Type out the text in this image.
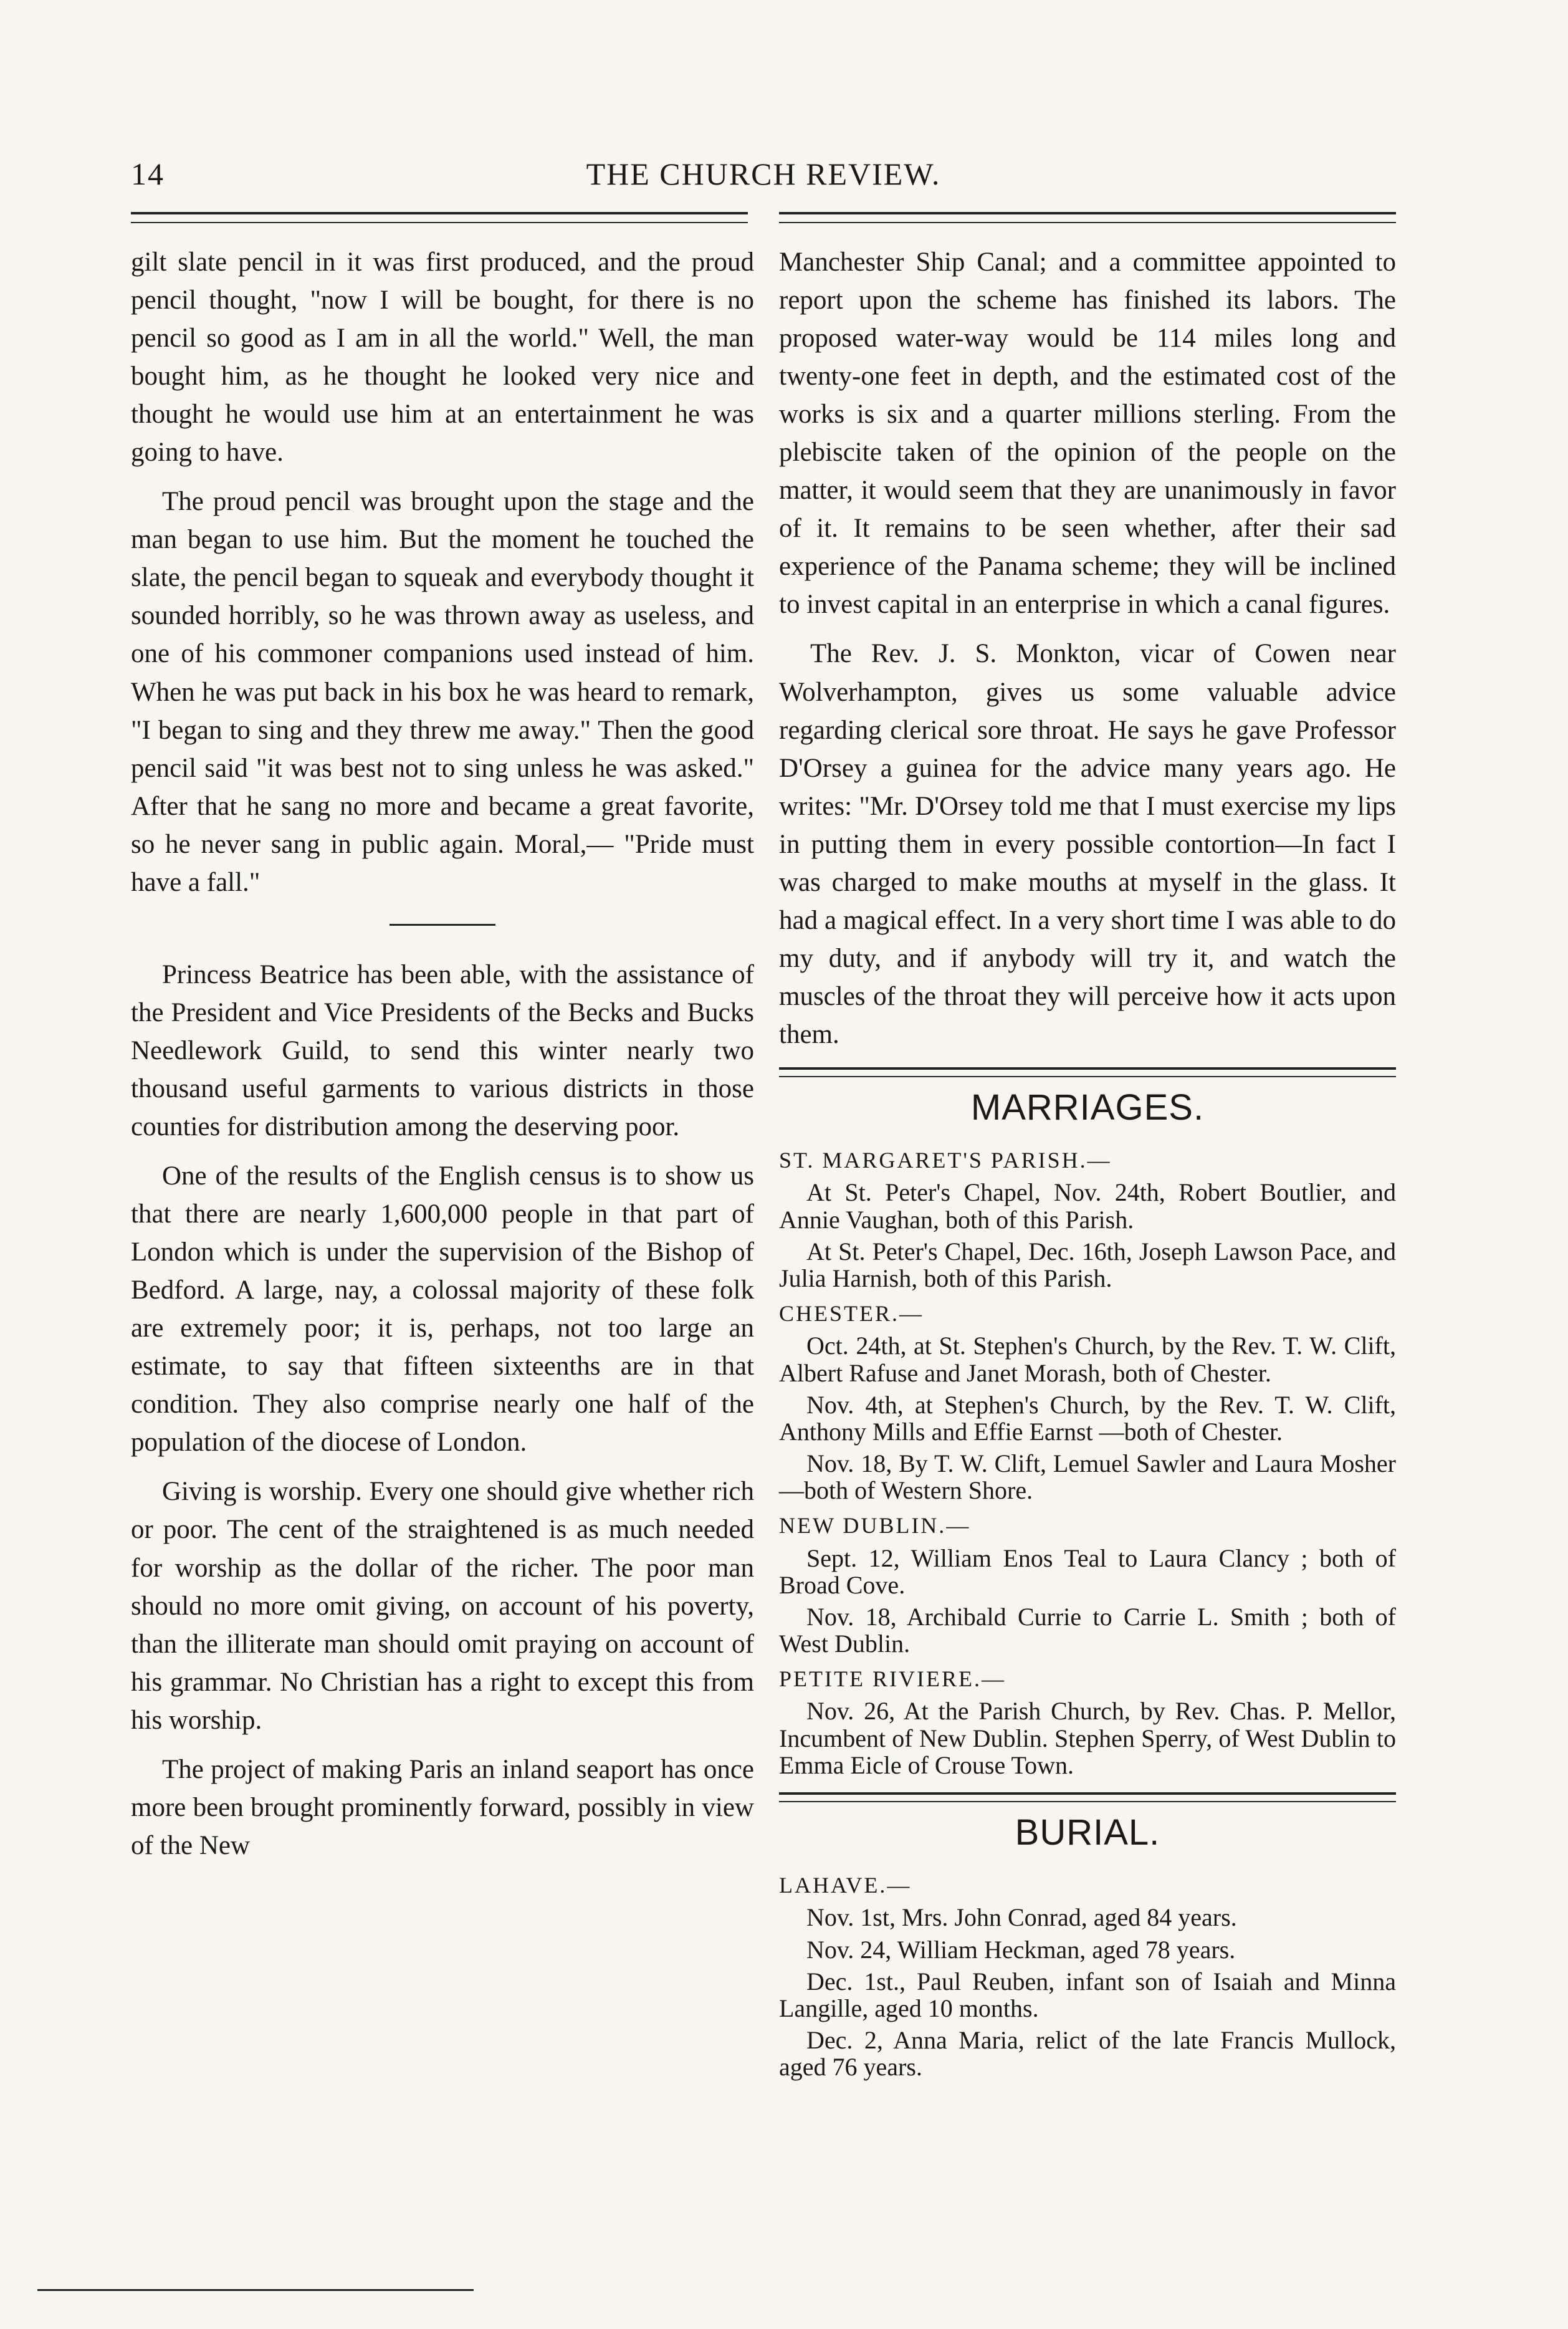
14	THE CHURCH REVIEW.

gilt slate pencil in it was first produced, and the proud pencil thought, "now I will be bought, for there is no pencil so good as I am in all the world." Well, the man bought him, as he thought he looked very nice and thought he would use him at an entertainment he was going to have.

The proud pencil was brought upon the stage and the man began to use him. But the moment he touched the slate, the pencil began to squeak and everybody thought it sounded horribly, so he was thrown away as useless, and one of his commoner companions used instead of him. When he was put back in his box he was heard to remark, "I began to sing and they threw me away." Then the good pencil said "it was best not to sing unless he was asked." After that he sang no more and became a great favorite, so he never sang in public again. Moral,— "Pride must have a fall."

Princess Beatrice has been able, with the assistance of the President and Vice Presidents of the Becks and Bucks Needlework Guild, to send this winter nearly two thousand useful garments to various districts in those counties for distribution among the deserving poor.

One of the results of the English census is to show us that there are nearly 1,600,000 people in that part of London which is under the supervision of the Bishop of Bedford. A large, nay, a colossal majority of these folk are extremely poor; it is, perhaps, not too large an estimate, to say that fifteen sixteenths are in that condition. They also comprise nearly one half of the population of the diocese of London.

Giving is worship. Every one should give whether rich or poor. The cent of the straightened is as much needed for worship as the dollar of the richer. The poor man should no more omit giving, on account of his poverty, than the illiterate man should omit praying on account of his grammar. No Christian has a right to except this from his worship.

The project of making Paris an inland seaport has once more been brought prominently forward, possibly in view of the New

Manchester Ship Canal; and a committee appointed to report upon the scheme has finished its labors. The proposed water-way would be 114 miles long and twenty-one feet in depth, and the estimated cost of the works is six and a quarter millions sterling. From the plebiscite taken of the opinion of the people on the matter, it would seem that they are unanimously in favor of it. It remains to be seen whether, after their sad experience of the Panama scheme; they will be inclined to invest capital in an enterprise in which a canal figures.

The Rev. J. S. Monkton, vicar of Cowen near Wolverhampton, gives us some valuable advice regarding clerical sore throat. He says he gave Professor D'Orsey a guinea for the advice many years ago. He writes: "Mr. D'Orsey told me that I must exercise my lips in putting them in every possible contortion—In fact I was charged to make mouths at myself in the glass. It had a magical effect. In a very short time I was able to do my duty, and if anybody will try it, and watch the muscles of the throat they will perceive how it acts upon them.

MARRIAGES.
ST. MARGARET'S PARISH.—

At St. Peter's Chapel, Nov. 24th, Robert Boutlier, and Annie Vaughan, both of this Parish.

At St. Peter's Chapel, Dec. 16th, Joseph Lawson Pace, and Julia Harnish, both of this Parish.

CHESTER.—

Oct. 24th, at St. Stephen's Church, by the Rev. T. W. Clift, Albert Rafuse and Janet Morash, both of Chester.

Nov. 4th, at Stephen's Church, by the Rev. T. W. Clift, Anthony Mills and Effie Earnst —both of Chester.

Nov. 18, By T. W. Clift, Lemuel Sawler and Laura Mosher—both of Western Shore.

NEW DUBLIN.—

Sept. 12, William Enos Teal to Laura Clancy ; both of Broad Cove.

Nov. 18, Archibald Currie to Carrie L. Smith ; both of West Dublin.

PETITE RIVIERE.—

Nov. 26, At the Parish Church, by Rev. Chas. P. Mellor, Incumbent of New Dublin. Stephen Sperry, of West Dublin to Emma Eicle of Crouse Town.

BURIAL.
LAHAVE.—

Nov. 1st, Mrs. John Conrad, aged 84 years.

Nov. 24, William Heckman, aged 78 years.

Dec. 1st., Paul Reuben, infant son of Isaiah and Minna Langille, aged 10 months.

Dec. 2, Anna Maria, relict of the late Francis Mullock, aged 76 years.
